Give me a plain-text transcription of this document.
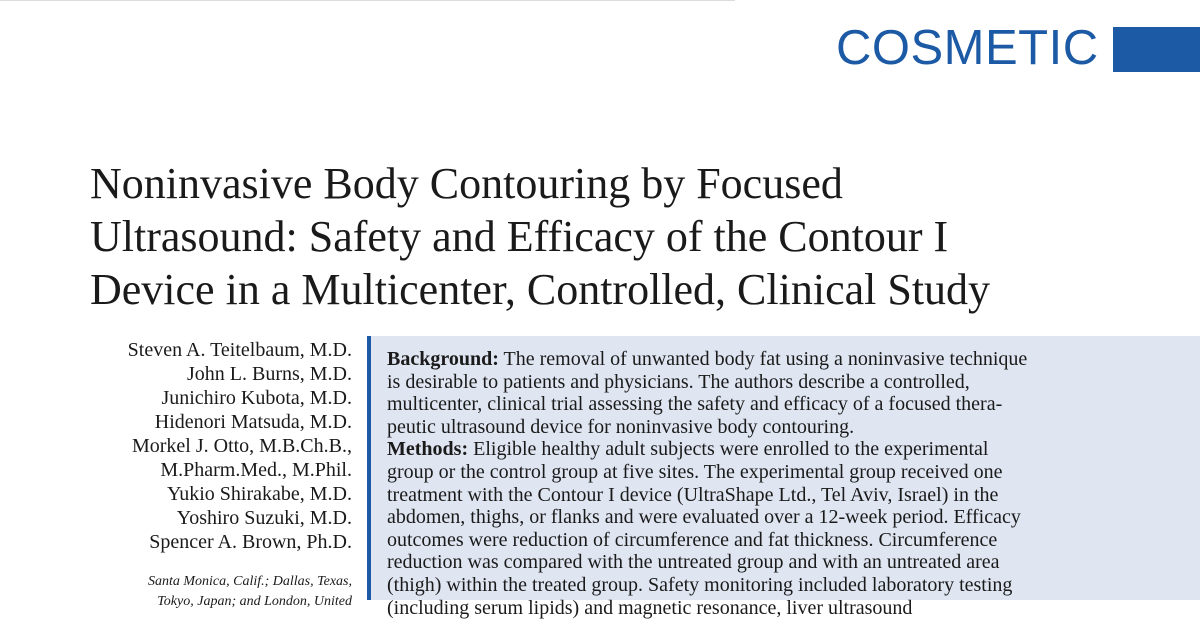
COSMETIC
Noninvasive Body Contouring by Focused
Ultrasound: Safety and Efficacy of the Contour I
Device in a Multicenter, Controlled, Clinical Study
Steven A. Teitelbaum, M.D.
John L. Burns, M.D.
Junichiro Kubota, M.D.
Hidenori Matsuda, M.D.
Morkel J. Otto, M.B.Ch.B.,
M.Pharm.Med., M.Phil.
Yukio Shirakabe, M.D.
Yoshiro Suzuki, M.D.
Spencer A. Brown, Ph.D.
Santa Monica, Calif.; Dallas, Texas,
Tokyo, Japan; and London, United
Background: The removal of unwanted body fat using a noninvasive technique
is desirable to patients and physicians. The authors describe a controlled,
multicenter, clinical trial assessing the safety and efficacy of a focused thera-
peutic ultrasound device for noninvasive body contouring.
Methods: Eligible healthy adult subjects were enrolled to the experimental
group or the control group at five sites. The experimental group received one
treatment with the Contour I device (UltraShape Ltd., Tel Aviv, Israel) in the
abdomen, thighs, or flanks and were evaluated over a 12-week period. Efficacy
outcomes were reduction of circumference and fat thickness. Circumference
reduction was compared with the untreated group and with an untreated area
(thigh) within the treated group. Safety monitoring included laboratory testing
(including serum lipids) and magnetic resonance, liver ultrasound
